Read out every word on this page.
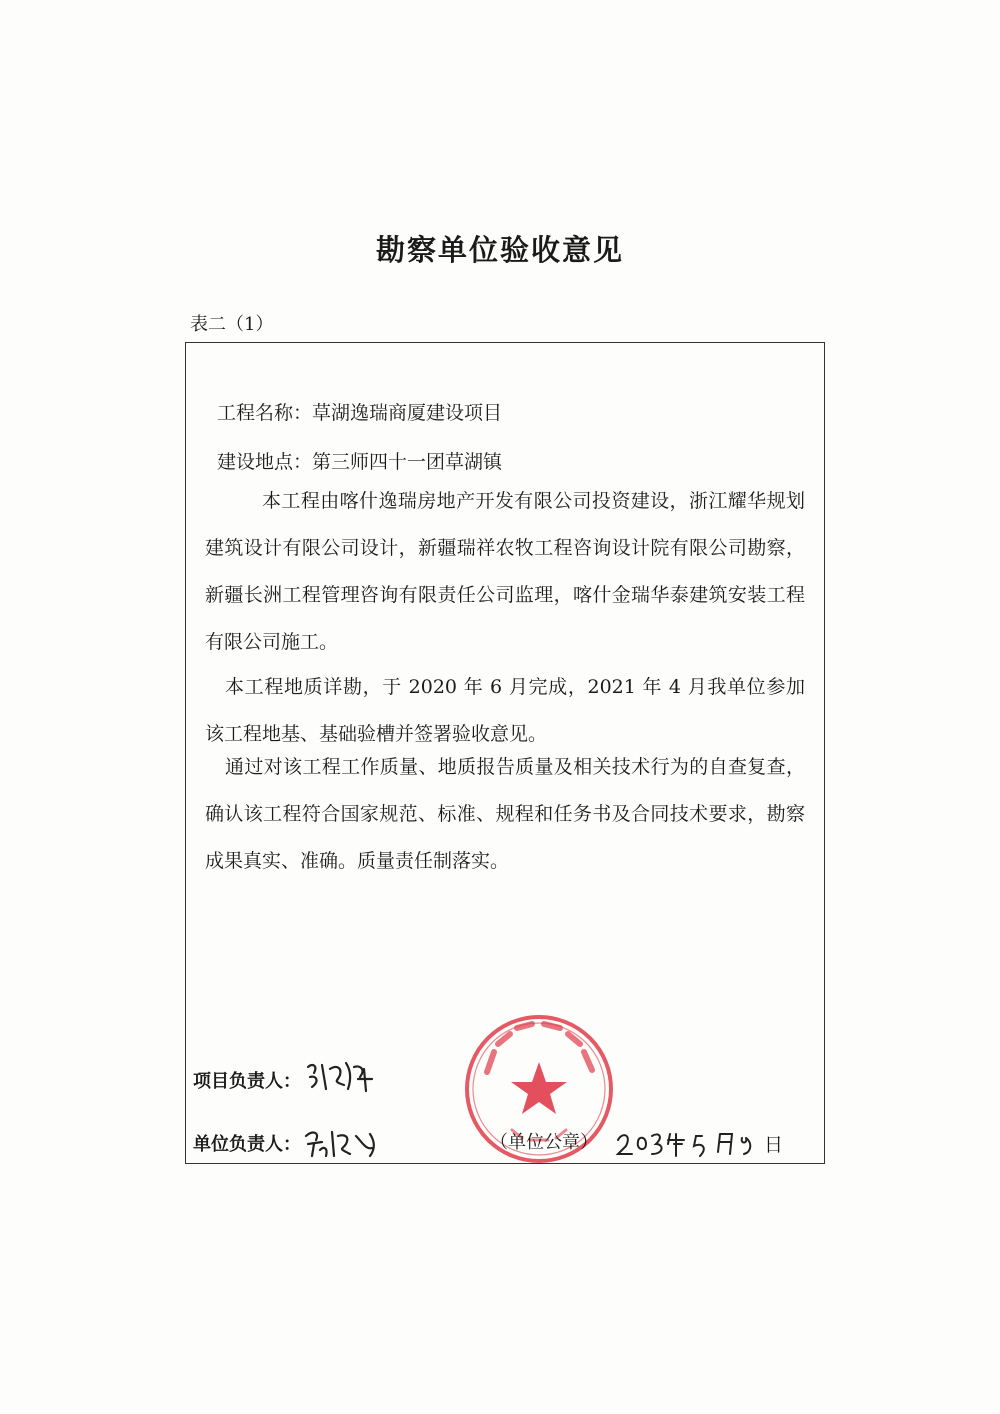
勘察单位验收意见
表二（1）
工程名称：草湖逸瑞商厦建设项目
建设地点：第三师四十一团草湖镇
本工程由喀什逸瑞房地产开发有限公司投资建设，浙江耀华规划建筑设计有限公司设计，新疆瑞祥农牧工程咨询设计院有限公司勘察，新疆长洲工程管理咨询有限责任公司监理，喀什金瑞华泰建筑安装工程有限公司施工。
本工程地质详勘，于 2020 年 6 月完成，2021 年 4 月我单位参加该工程地基、基础验槽并签署验收意见。
通过对该工程工作质量、地质报告质量及相关技术行为的自查复查，确认该工程符合国家规范、标准、规程和任务书及合同技术要求，勘察成果真实、准确。质量责任制落实。
项目负责人：
单位负责人：	（单位公章）	日
